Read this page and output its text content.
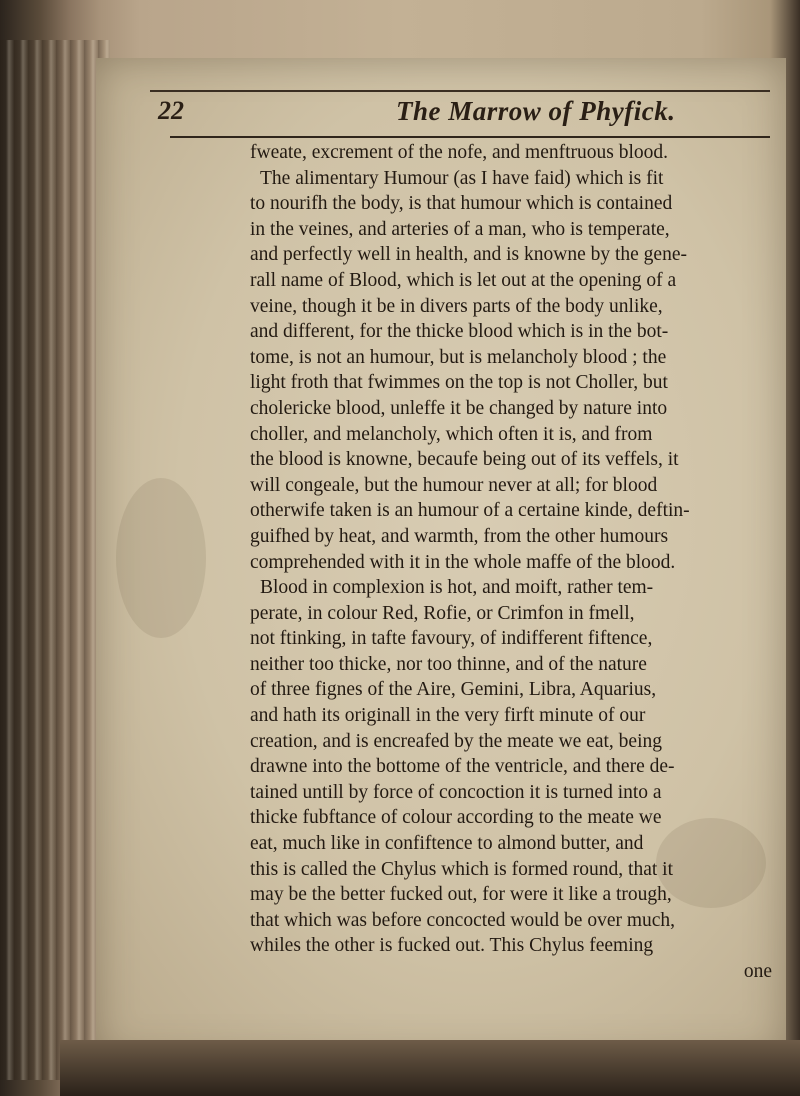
22	The Marrow of Phyfick.

fweate, excrement of the nofe, and menftruous blood.
The alimentary Humour (as I have faid) which is fit
to nourifh the body, is that humour which is contained
in the veines, and arteries of a man, who is temperate,
and perfectly well in health, and is knowne by the gene-
rall name of Blood, which is let out at the opening of a
veine, though it be in divers parts of the body unlike,
and different, for the thicke blood which is in the bot-
tome, is not an humour, but is melancholy blood ; the
light froth that fwimmes on the top is not Choller, but
cholericke blood, unleffe it be changed by nature into
choller, and melancholy, which often it is, and from
the blood is knowne, becaufe being out of its veffels, it
will congeale, but the humour never at all; for blood
otherwife taken is an humour of a certaine kinde, deftin-
guifhed by heat, and warmth, from the other humours
comprehended with it in the whole maffe of the blood.
Blood in complexion is hot, and moift, rather tem-
perate, in colour Red, Rofie, or Crimfon in fmell,
not ftinking, in tafte favoury, of indifferent fiftence,
neither too thicke, nor too thinne, and of the nature
of three fignes of the Aire, Gemini, Libra, Aquarius,
and hath its originall in the very firft minute of our
creation, and is encreafed by the meate we eat, being
drawne into the bottome of the ventricle, and there de-
tained untill by force of concoction it is turned into a
thicke fubftance of colour according to the meate we
eat, much like in confiftence to almond butter, and
this is called the Chylus which is formed round, that it
may be the better fucked out, for were it like a trough,
that which was before concocted would be over much,
whiles the other is fucked out. This Chylus feeming
one
